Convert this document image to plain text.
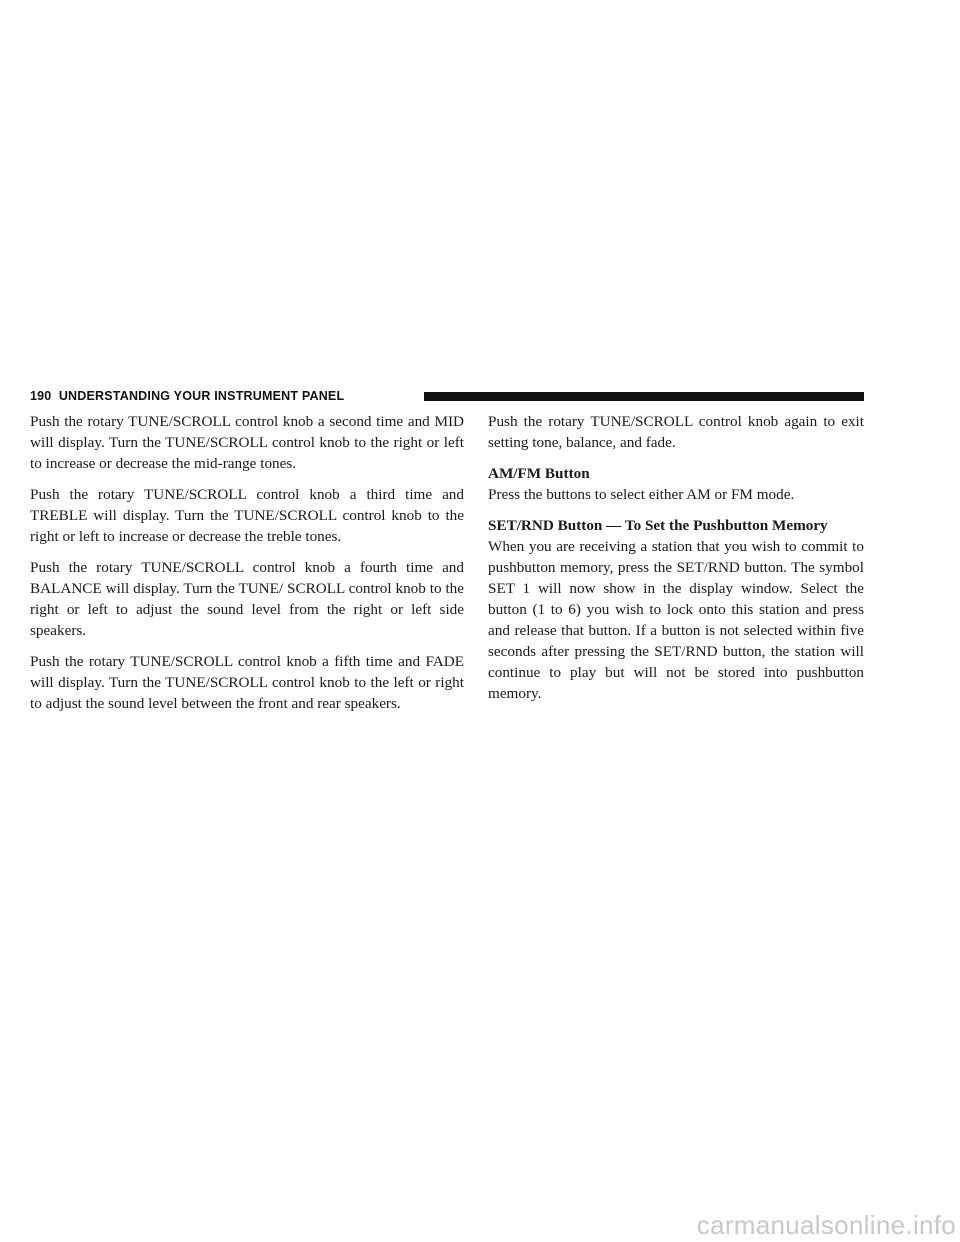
190 UNDERSTANDING YOUR INSTRUMENT PANEL

Push the rotary TUNE/SCROLL control knob a second time and MID will display. Turn the TUNE/SCROLL control knob to the right or left to increase or decrease the mid-range tones.

Push the rotary TUNE/SCROLL control knob a third time and TREBLE will display. Turn the TUNE/SCROLL control knob to the right or left to increase or decrease the treble tones.

Push the rotary TUNE/SCROLL control knob a fourth time and BALANCE will display. Turn the TUNE/ SCROLL control knob to the right or left to adjust the sound level from the right or left side speakers.

Push the rotary TUNE/SCROLL control knob a fifth time and FADE will display. Turn the TUNE/SCROLL control knob to the left or right to adjust the sound level between the front and rear speakers.

Push the rotary TUNE/SCROLL control knob again to exit setting tone, balance, and fade.

AM/FM Button

Press the buttons to select either AM or FM mode.

SET/RND Button — To Set the Pushbutton Memory

When you are receiving a station that you wish to commit to pushbutton memory, press the SET/RND button. The symbol SET 1 will now show in the display window. Select the button (1 to 6) you wish to lock onto this station and press and release that button. If a button is not selected within five seconds after pressing the SET/RND button, the station will continue to play but will not be stored into pushbutton memory.

carmanualsonline.info
